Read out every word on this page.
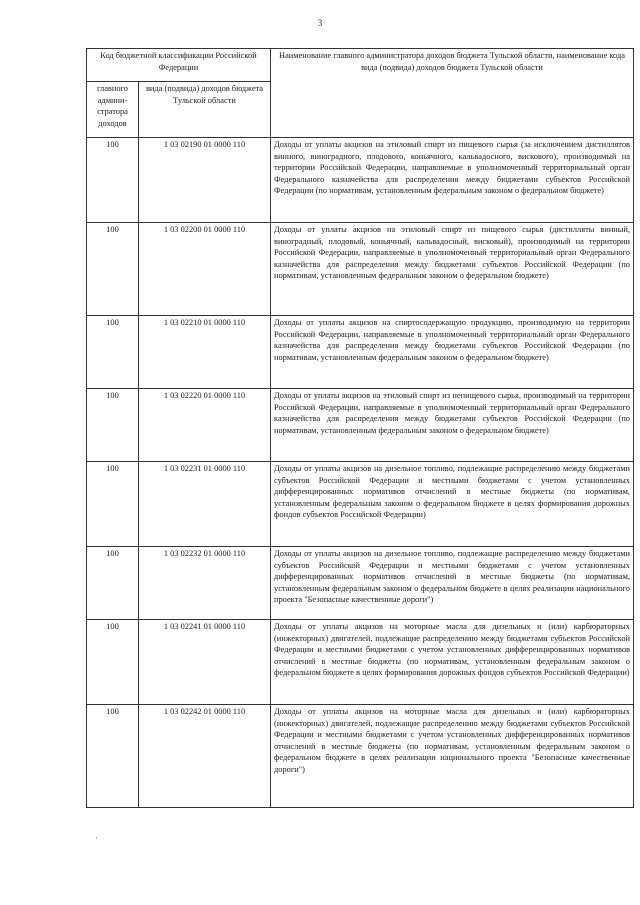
3
Код бюджетной классификации Российской Федерации		Наименование главного администратора доходов бюджета Тульской области, наименование кода вида (подвида) доходов бюджета Тульской области
главного админи-стратора доходов	вида (подвида) доходов бюджета Тульской области	
100	1 03 02190 01 0000 110	Доходы от уплаты акцизов на этиловый спирт из пищевого сырья (за исключением дистиллятов винного, виноградного, плодового, коньячного, кальвадосного, вискового), производимый на территории Российской Федерации, направляемые в уполномоченный территориальный орган Федерального казначейства для распределения между бюджетами субъектов Российской Федерации (по нормативам, установленным федеральным законом о федеральном бюджете)
100	1 03 02200 01 0000 110	Доходы от уплаты акцизов на этиловый спирт из пищевого сырья (дистилляты винный, виноградный, плодовый, коньячный, кальвадосный, висковый), производимый на территории Российской Федерации, направляемые в уполномоченный территориальный орган Федерального казначейства для распределения между бюджетами субъектов Российской Федерации (по нормативам, установленным федеральным законом о федеральном бюджете)
100	1 03 02210 01 0000 110	Доходы от уплаты акцизов на спиртосодержащую продукцию, производимую на территории Российской Федерации, направляемые в уполномоченный территориальный орган Федерального казначейства для распределения между бюджетами субъектов Российской Федерации (по нормативам, установленным федеральным законом о федеральном бюджете)
100	1 03 02220 01 0000 110	Доходы от уплаты акцизов на этиловый спирт из непищевого сырья, производимый на территории Российской Федерации, направляемые в уполномоченный территориальный орган Федерального казначейства для распределения между бюджетами субъектов Российской Федерации (по нормативам, установленным федеральным законом о федеральном бюджете)
100	1 03 02231 01 0000 110	Доходы от уплаты акцизов на дизельное топливо, подлежащие распределению между бюджетами субъектов Российской Федерации и местными бюджетами с учетом установленных дифференцированных нормативов отчислений в местные бюджеты (по нормативам, установленным федеральным законом о федеральном бюджете в целях формирования дорожных фондов субъектов Российской Федерации)
100	1 03 02232 01 0000 110	Доходы от уплаты акцизов на дизельное топливо, подлежащие распределению между бюджетами субъектов Российской Федерации и местными бюджетами с учетом установленных дифференцированных нормативов отчислений в местные бюджеты (по нормативам, установленным федеральным законом о федеральном бюджете в целях реализации национального проекта "Безопасные качественные дороги")
100	1 03 02241 01 0000 110	Доходы от уплаты акцизов на моторные масла для дизельных и (или) карбюраторных (инжекторных) двигателей, подлежащие распределению между бюджетами субъектов Российской Федерации и местными бюджетами с учетом установленных дифференцированных нормативов отчислений в местные бюджеты (по нормативам, установленным федеральным законом о федеральном бюджете в целях формирования дорожных фондов субъектов Российской Федерации)
100	1 03 02242 01 0000 110	Доходы от уплаты акцизов на моторные масла для дизельных и (или) карбюраторных (инжекторных) двигателей, подлежащие распределению между бюджетами субъектов Российской Федерации и местными бюджетами с учетом установленных дифференцированных нормативов отчислений в местные бюджеты (по нормативам, установленным федеральным законом о федеральном бюджете в целях реализации национального проекта "Безопасные качественные дороги")
·
